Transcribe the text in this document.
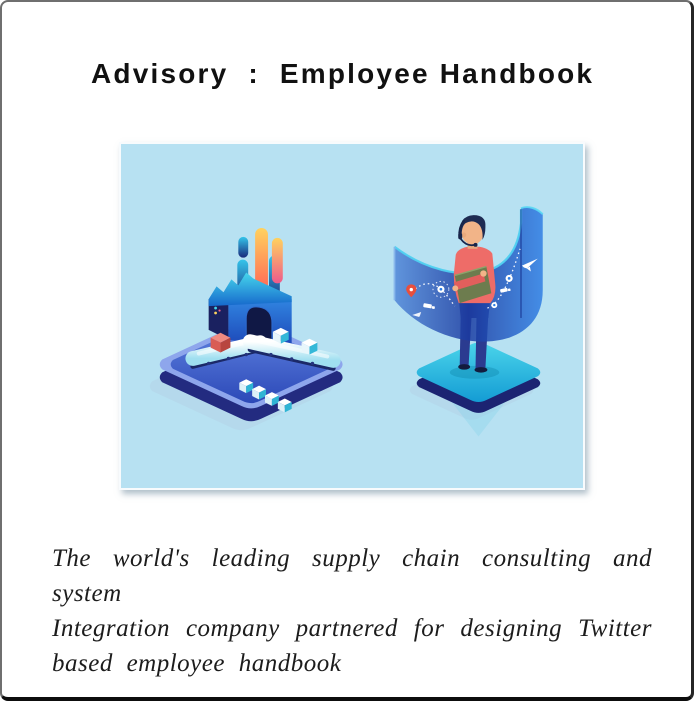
Advisory  :  Employee Handbook
The world's leading supply chain consulting and system
Integration company partnered for designing Twitter
based employee handbook
